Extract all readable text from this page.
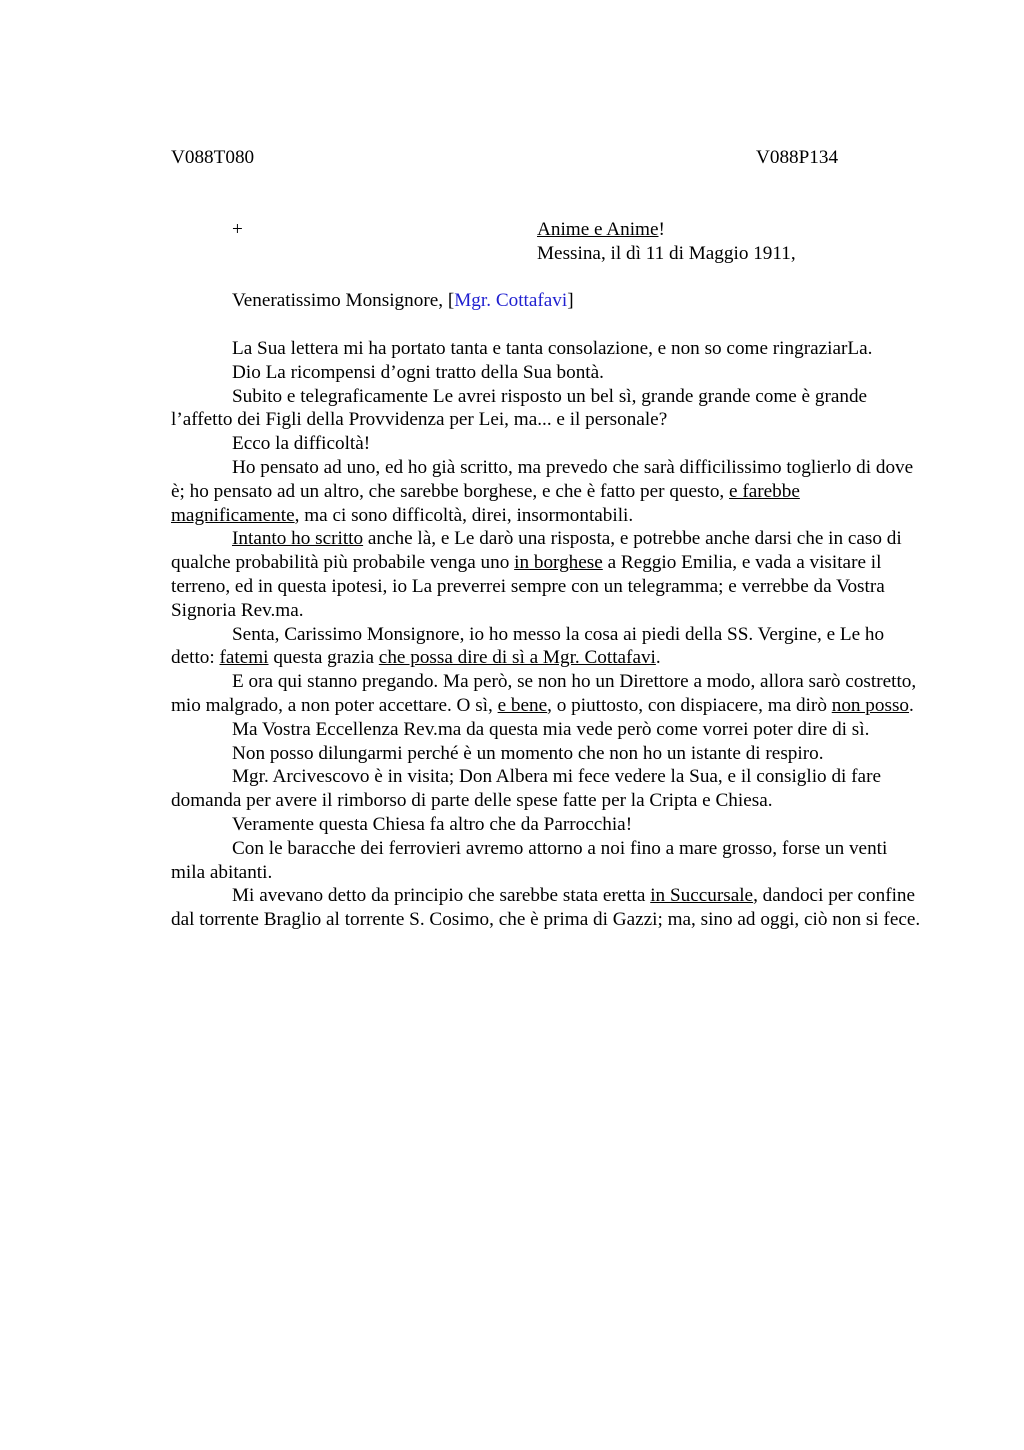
V088T080	V088P134
+	Anime e Anime!
Messina, il dì 11 di Maggio 1911,
Veneratissimo Monsignore, [Mgr. Cottafavi]

La Sua lettera mi ha portato tanta e tanta consolazione, e non so come ringraziarLa.

Dio La ricompensi d’ogni tratto della Sua bontà.

Subito e telegraficamente Le avrei risposto un bel sì, grande grande come è grande l’affetto dei Figli della Provvidenza per Lei, ma... e il personale?

Ecco la difficoltà!

Ho pensato ad uno, ed ho già scritto, ma prevedo che sarà difficilissimo toglierlo di dove è; ho pensato ad un altro, che sarebbe borghese, e che è fatto per questo, e farebbe magnificamente, ma ci sono difficoltà, direi, insormontabili.

Intanto ho scritto anche là, e Le darò una risposta, e potrebbe anche darsi che in caso di qualche probabilità più probabile venga uno in borghese a Reggio Emilia, e vada a visitare il terreno, ed in questa ipotesi, io La preverrei sempre con un telegramma; e verrebbe da Vostra Signoria Rev.ma.

Senta, Carissimo Monsignore, io ho messo la cosa ai piedi della SS. Vergine, e Le ho detto: fatemi questa grazia che possa dire di sì a Mgr. Cottafavi.

E ora qui stanno pregando. Ma però, se non ho un Direttore a modo, allora sarò costretto, mio malgrado, a non poter accettare. O sì, e bene, o piuttosto, con dispiacere, ma dirò non posso.

Ma Vostra Eccellenza Rev.ma da questa mia vede però come vorrei poter dire di sì.

Non posso dilungarmi perché è un momento che non ho un istante di respiro.

Mgr. Arcivescovo è in visita; Don Albera mi fece vedere la Sua, e il consiglio di fare domanda per avere il rimborso di parte delle spese fatte per la Cripta e Chiesa.

Veramente questa Chiesa fa altro che da Parrocchia!

Con le baracche dei ferrovieri avremo attorno a noi fino a mare grosso, forse un venti mila abitanti.

Mi avevano detto da principio che sarebbe stata eretta in Succursale, dandoci per confine dal torrente Braglio al torrente S. Cosimo, che è prima di Gazzi; ma, sino ad oggi, ciò non si fece.
